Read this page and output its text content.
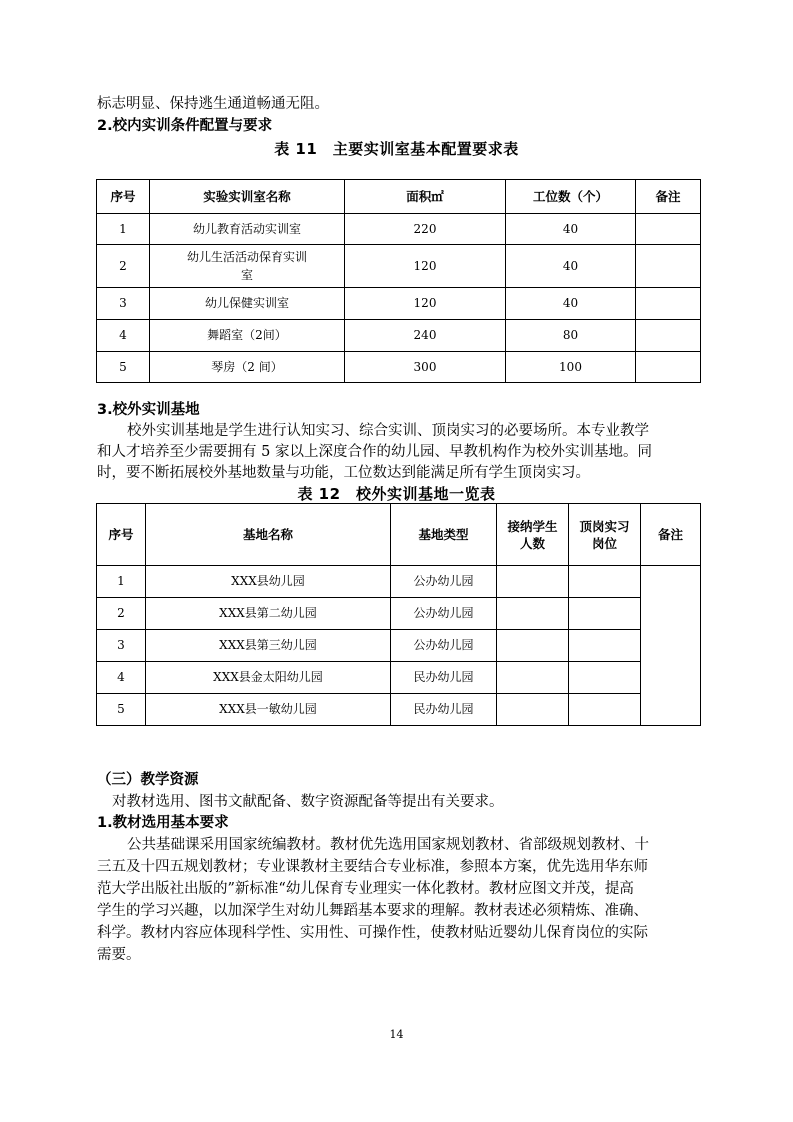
标志明显、保持逃生通道畅通无阻。
2.校内实训条件配置与要求
表 11　主要实训室基本配置要求表
序号	实验实训室名称	面积㎡	工位数（个）	备注
1	幼儿教育活动实训室	220	40	
2	幼儿生活活动保育实训
室	120	40	
3	幼儿保健实训室	120	40	
4	舞蹈室（2间）	240	80	
5	琴房（2 间）	300	100	
3.校外实训基地
校外实训基地是学生进行认知实习、综合实训、顶岗实习的必要场所。本专业教学
和人才培养至少需要拥有 5 家以上深度合作的幼儿园、早教机构作为校外实训基地。同
时，要不断拓展校外基地数量与功能，工位数达到能满足所有学生顶岗实习。
表 12　校外实训基地一览表
序号	基地名称	基地类型	接纳学生
人数	顶岗实习
岗位	备注
1	XXX县幼儿园	公办幼儿园			
2	XXX县第二幼儿园	公办幼儿园			
3	XXX县第三幼儿园	公办幼儿园			
4	XXX县金太阳幼儿园	民办幼儿园			
5	XXX县一敏幼儿园	民办幼儿园			
（三）教学资源
对教材选用、图书文献配备、数字资源配备等提出有关要求。
1.教材选用基本要求
公共基础课采用国家统编教材。教材优先选用国家规划教材、省部级规划教材、十
三五及十四五规划教材；专业课教材主要结合专业标准，参照本方案，优先选用华东师
范大学出版社出版的”新标准“幼儿保育专业理实一体化教材。教材应图文并茂，提高
学生的学习兴趣，以加深学生对幼儿舞蹈基本要求的理解。教材表述必须精炼、准确、
科学。教材内容应体现科学性、实用性、可操作性，使教材贴近婴幼儿保育岗位的实际
需要。
14
